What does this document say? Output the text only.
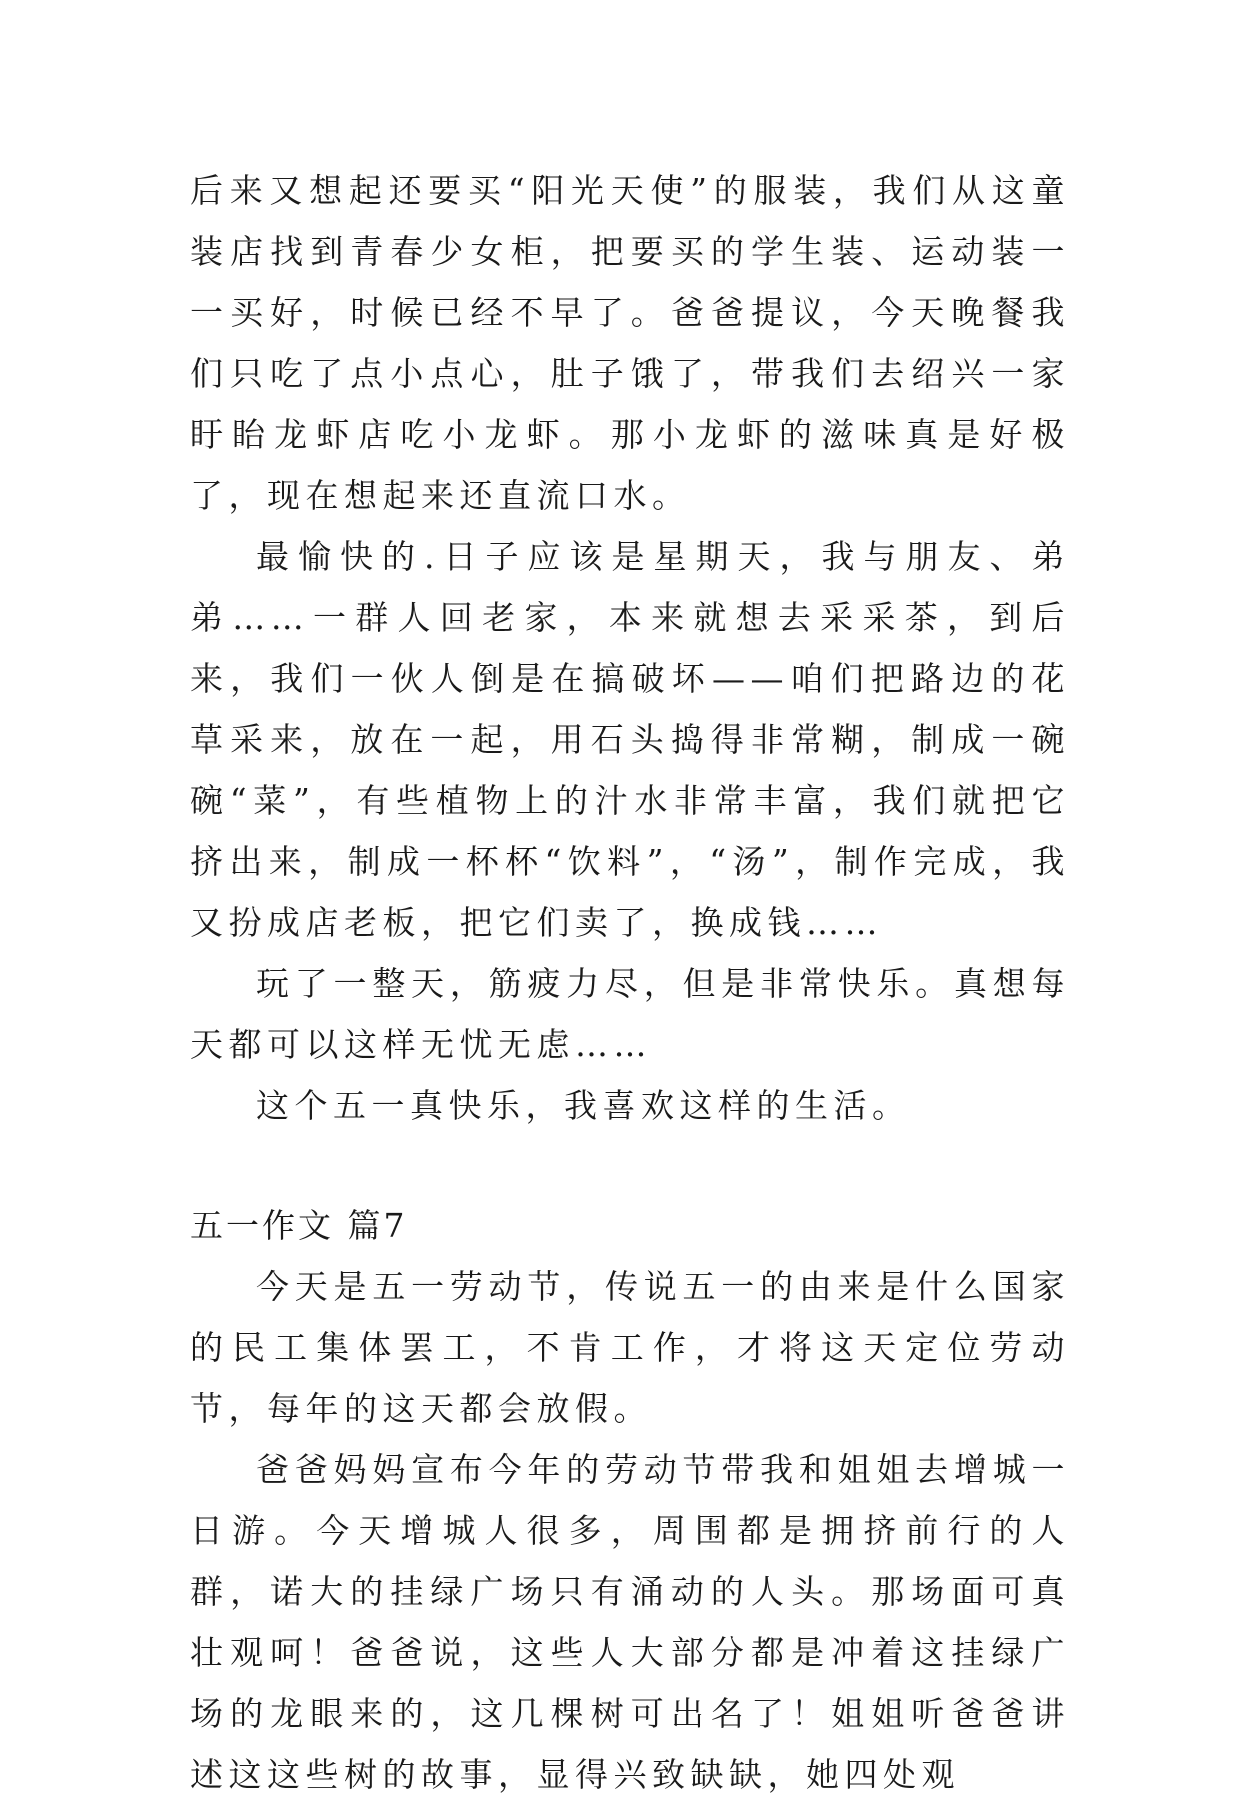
后来又想起还要买“阳光天使”的服装，我们从这童装店找到青春少女柜，把要买的学生装、运动装一一买好，时候已经不早了。爸爸提议，今天晚餐我们只吃了点小点心，肚子饿了，带我们去绍兴一家盱眙龙虾店吃小龙虾。那小龙虾的滋味真是好极了，现在想起来还直流口水。

最愉快的.日子应该是星期天，我与朋友、弟弟……一群人回老家，本来就想去采采茶，到后来，我们一伙人倒是在搞破坏——咱们把路边的花草采来，放在一起，用石头捣得非常糊，制成一碗碗“菜”，有些植物上的汁水非常丰富，我们就把它挤出来，制成一杯杯“饮料”，“汤”，制作完成，我又扮成店老板，把它们卖了，换成钱……

玩了一整天，筋疲力尽，但是非常快乐。真想每天都可以这样无忧无虑……

这个五一真快乐，我喜欢这样的生活。

五一作文 篇7

今天是五一劳动节，传说五一的由来是什么国家的民工集体罢工，不肯工作，才将这天定位劳动节，每年的这天都会放假。

爸爸妈妈宣布今年的劳动节带我和姐姐去增城一日游。今天增城人很多，周围都是拥挤前行的人群，诺大的挂绿广场只有涌动的人头。那场面可真壮观呵！爸爸说，这些人大部分都是冲着这挂绿广场的龙眼来的，这几棵树可出名了！姐姐听爸爸讲述这这些树的故事，显得兴致缺缺，她四处观
